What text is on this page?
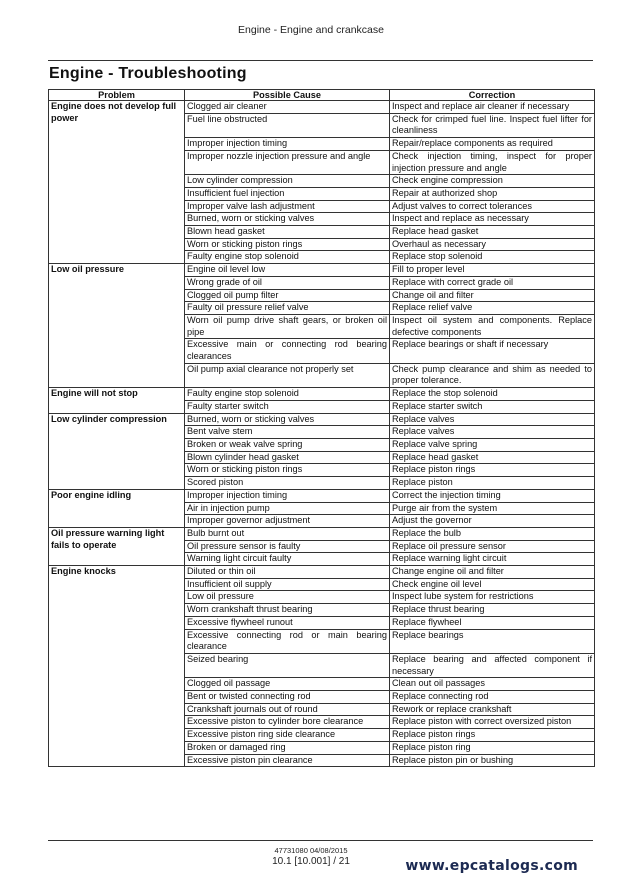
Engine - Engine and crankcase
Engine - Troubleshooting
Problem	Possible Cause	Correction
Engine does not develop full power	Clogged air cleaner	Inspect and replace air cleaner if necessary
	Fuel line obstructed	Check for crimped fuel line. Inspect fuel lifter for cleanliness
	Improper injection timing	Repair/replace components as required
	Improper nozzle injection pressure and angle	Check injection timing, inspect for proper injection pressure and angle
	Low cylinder compression	Check engine compression
	Insufficient fuel injection	Repair at authorized shop
	Improper valve lash adjustment	Adjust valves to correct tolerances
	Burned, worn or sticking valves	Inspect and replace as necessary
	Blown head gasket	Replace head gasket
	Worn or sticking piston rings	Overhaul as necessary
	Faulty engine stop solenoid	Replace stop solenoid
Low oil pressure	Engine oil level low	Fill to proper level
	Wrong grade of oil	Replace with correct grade oil
	Clogged oil pump filter	Change oil and filter
	Faulty oil pressure relief valve	Replace relief valve
	Worn oil pump drive shaft gears, or broken oil pipe	Inspect oil system and components. Replace defective components
	Excessive main or connecting rod bearing clearances	Replace bearings or shaft if necessary
	Oil pump axial clearance not properly set	Check pump clearance and shim as needed to proper tolerance.
Engine will not stop	Faulty engine stop solenoid	Replace the stop solenoid
	Faulty starter switch	Replace starter switch
Low cylinder compression	Burned, worn or sticking valves	Replace valves
	Bent valve stem	Replace valves
	Broken or weak valve spring	Replace valve spring
	Blown cylinder head gasket	Replace head gasket
	Worn or sticking piston rings	Replace piston rings
	Scored piston	Replace piston
Poor engine idling	Improper injection timing	Correct the injection timing
	Air in injection pump	Purge air from the system
	Improper governor adjustment	Adjust the governor
Oil pressure warning light fails to operate	Bulb burnt out	Replace the bulb
	Oil pressure sensor is faulty	Replace oil pressure sensor
	Warning light circuit faulty	Replace warning light circuit
Engine knocks	Diluted or thin oil	Change engine oil and filter
	Insufficient oil supply	Check engine oil level
	Low oil pressure	Inspect lube system for restrictions
	Worn crankshaft thrust bearing	Replace thrust bearing
	Excessive flywheel runout	Replace flywheel
	Excessive connecting rod or main bearing clearance	Replace bearings
	Seized bearing	Replace bearing and affected component if necessary
	Clogged oil passage	Clean out oil passages
	Bent or twisted connecting rod	Replace connecting rod
	Crankshaft journals out of round	Rework or replace crankshaft
	Excessive piston to cylinder bore clearance	Replace piston with correct oversized piston
	Excessive piston ring side clearance	Replace piston rings
	Broken or damaged ring	Replace piston ring
	Excessive piston pin clearance	Replace piston pin or bushing
47731080 04/08/2015
10.1 [10.001] / 21	www.epcatalogs.com
